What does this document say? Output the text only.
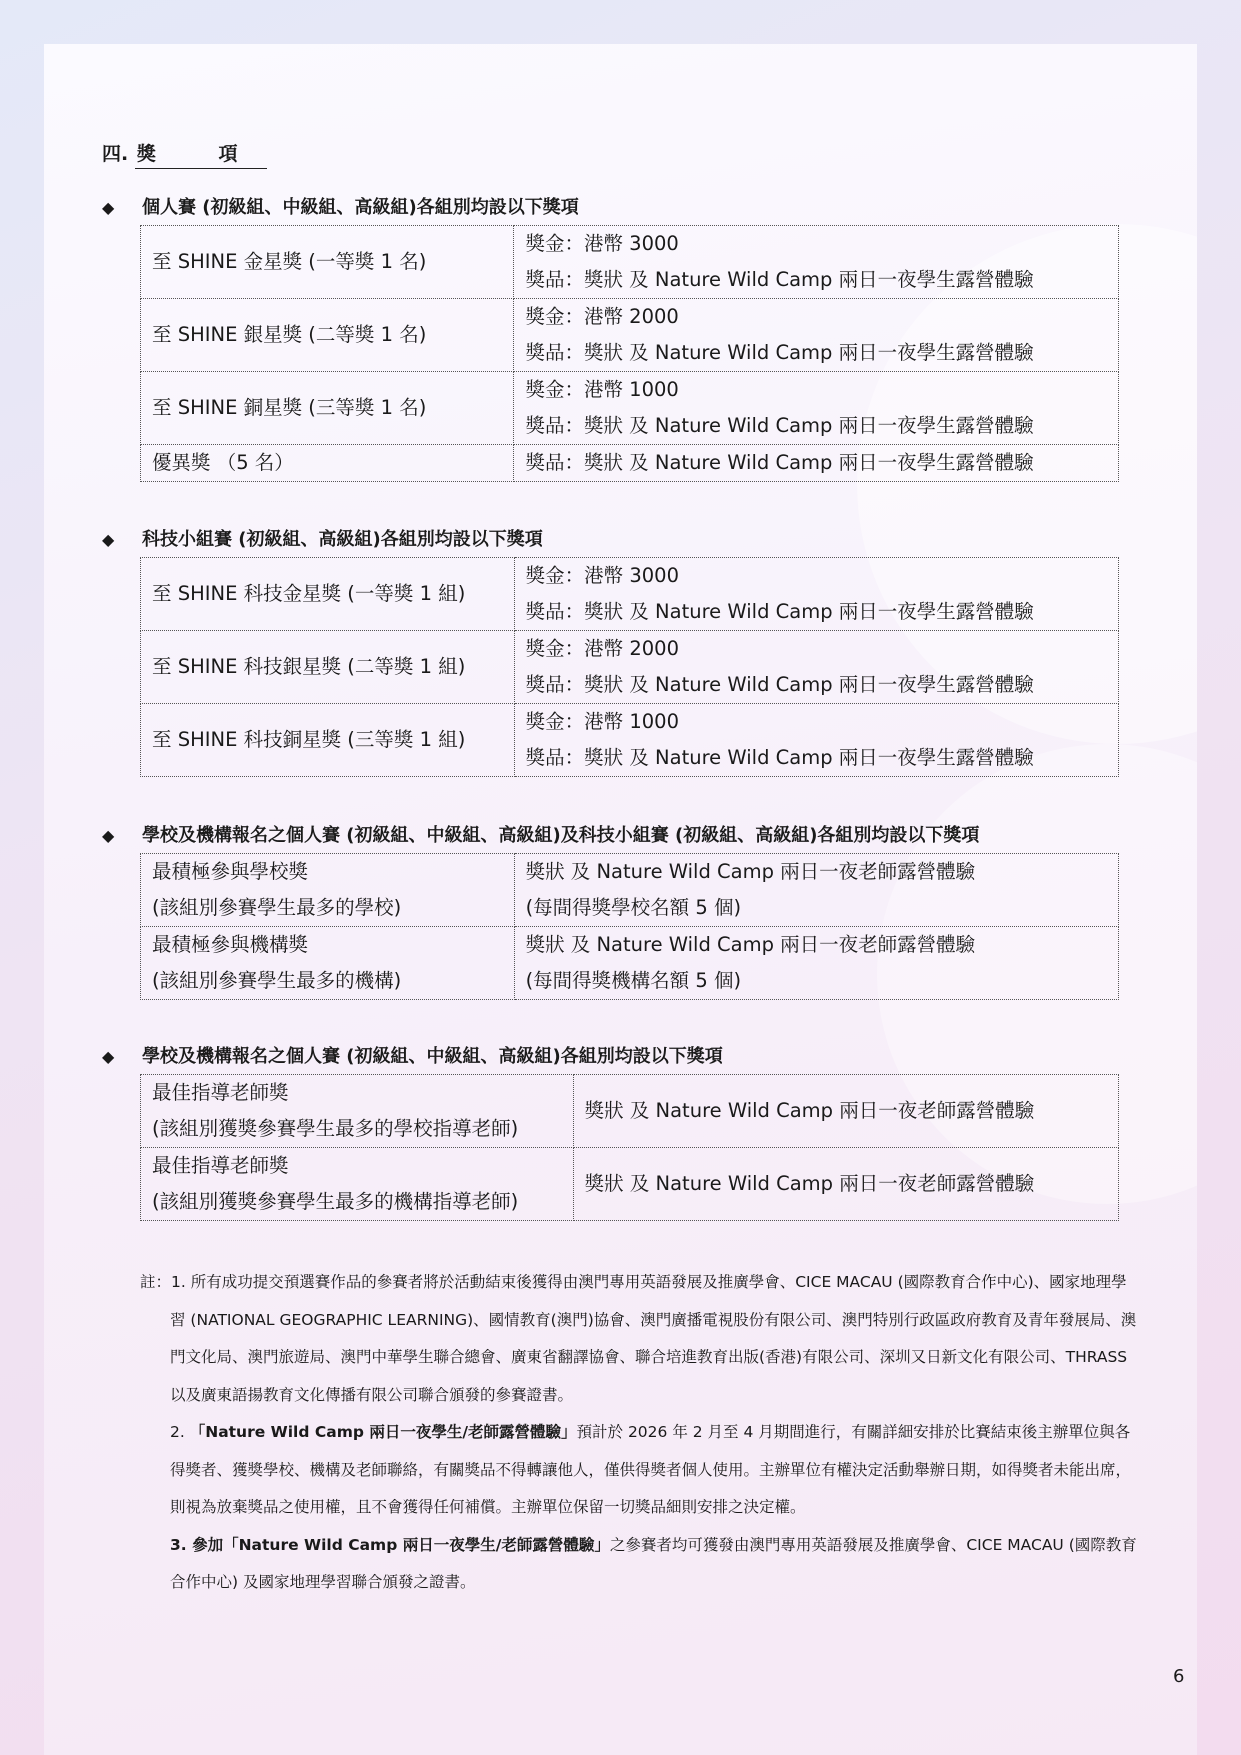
四. 獎 項
◆ 個人賽 (初級組、中級組、高級組)各組別均設以下獎項
至 SHINE 金星獎 (一等獎 1 名)	獎金：港幣 3000
獎品：獎狀 及 Nature Wild Camp 兩日一夜學生露營體驗

至 SHINE 銀星獎 (二等獎 1 名)	獎金：港幣 2000
獎品：獎狀 及 Nature Wild Camp 兩日一夜學生露營體驗

至 SHINE 銅星獎 (三等獎 1 名)	獎金：港幣 1000
獎品：獎狀 及 Nature Wild Camp 兩日一夜學生露營體驗

優異獎 （5 名）	獎品：獎狀 及 Nature Wild Camp 兩日一夜學生露營體驗
◆ 科技小組賽 (初級組、高級組)各組別均設以下獎項
至 SHINE 科技金星獎 (一等獎 1 組)	獎金：港幣 3000
獎品：獎狀 及 Nature Wild Camp 兩日一夜學生露營體驗

至 SHINE 科技銀星獎 (二等獎 1 組)	獎金：港幣 2000
獎品：獎狀 及 Nature Wild Camp 兩日一夜學生露營體驗

至 SHINE 科技銅星獎 (三等獎 1 組)	獎金：港幣 1000
獎品：獎狀 及 Nature Wild Camp 兩日一夜學生露營體驗
◆ 學校及機構報名之個人賽 (初級組、中級組、高級組)及科技小組賽 (初級組、高級組)各組別均設以下獎項
最積極參與學校獎
(該組別參賽學生最多的學校)	獎狀 及 Nature Wild Camp 兩日一夜老師露營體驗
(每間得獎學校名額 5 個)

最積極參與機構獎
(該組別參賽學生最多的機構)	獎狀 及 Nature Wild Camp 兩日一夜老師露營體驗
(每間得獎機構名額 5 個)
◆ 學校及機構報名之個人賽 (初級組、中級組、高級組)各組別均設以下獎項
最佳指導老師獎
(該組別獲獎參賽學生最多的學校指導老師)	獎狀 及 Nature Wild Camp 兩日一夜老師露營體驗

最佳指導老師獎
(該組別獲獎參賽學生最多的機構指導老師)	獎狀 及 Nature Wild Camp 兩日一夜老師露營體驗
註：1. 所有成功提交預選賽作品的參賽者將於活動結束後獲得由澳門專用英語發展及推廣學會、CICE MACAU (國際教育合作中心)、國家地理學習 (NATIONAL GEOGRAPHIC LEARNING)、國情教育(澳門)協會、澳門廣播電視股份有限公司、澳門特別行政區政府教育及青年發展局、澳門文化局、澳門旅遊局、澳門中華學生聯合總會、廣東省翻譯協會、聯合培進教育出版(香港)有限公司、深圳又日新文化有限公司、THRASS 以及廣東語揚教育文化傳播有限公司聯合頒發的參賽證書。
2. 「Nature Wild Camp 兩日一夜學生/老師露營體驗」預計於 2026 年 2 月至 4 月期間進行，有關詳細安排於比賽結束後主辦單位與各得獎者、獲獎學校、機構及老師聯絡，有關獎品不得轉讓他人，僅供得獎者個人使用。主辦單位有權決定活動舉辦日期，如得獎者未能出席，則視為放棄獎品之使用權，且不會獲得任何補償。主辦單位保留一切獎品細則安排之決定權。
3. 參加「Nature Wild Camp 兩日一夜學生/老師露營體驗」之參賽者均可獲發由澳門專用英語發展及推廣學會、CICE MACAU (國際教育合作中心) 及國家地理學習聯合頒發之證書。
6
